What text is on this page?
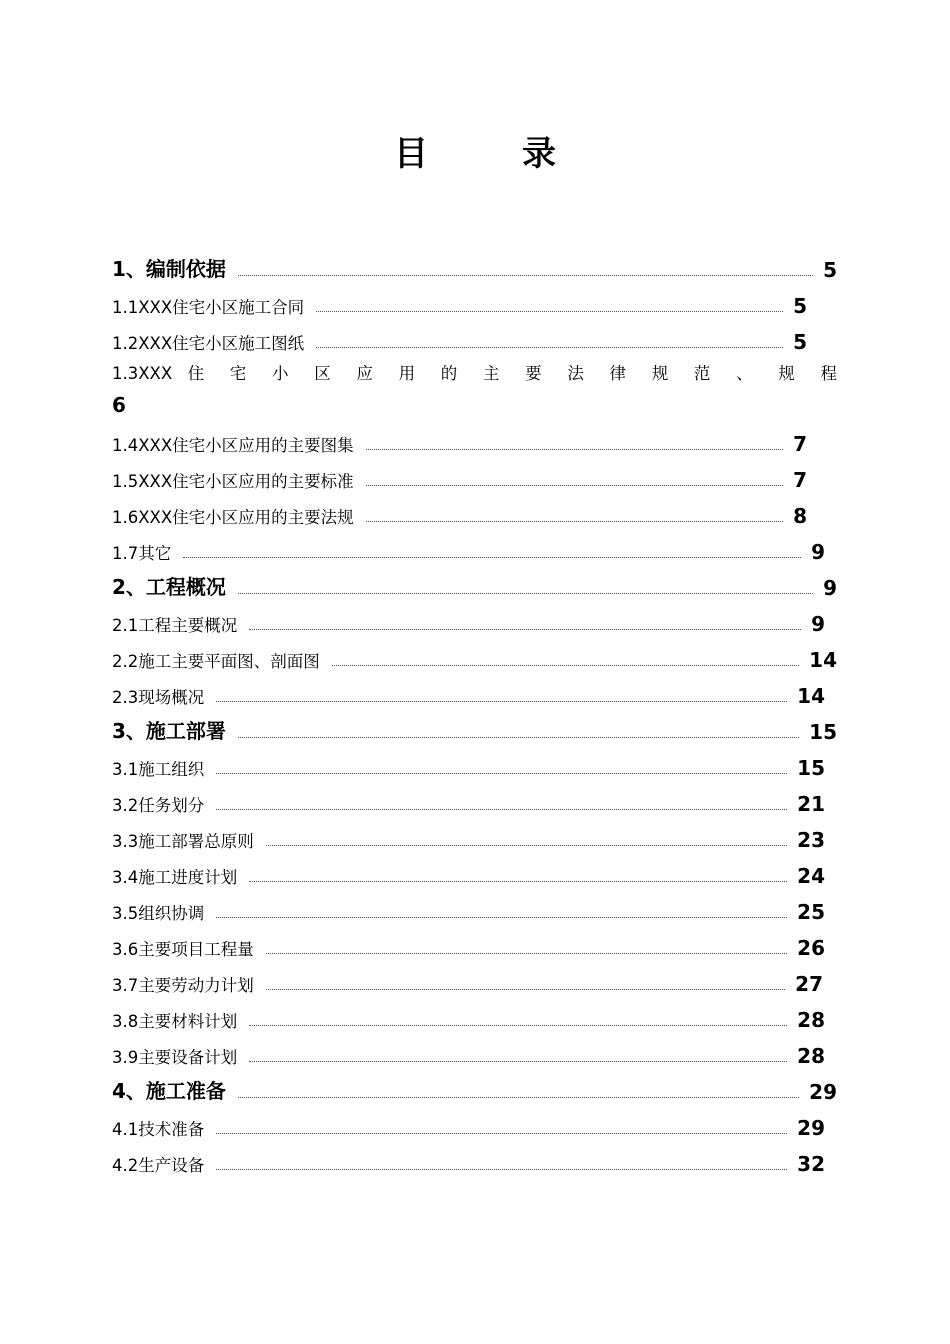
目　录
1、编制依据	5
1.1XXX住宅小区施工合同	5
1.2XXX住宅小区施工图纸	5
1.3XXX 住 宅 小 区 应 用 的 主 要 法 律 规 范 、 规 程
6
1.4XXX住宅小区应用的主要图集	7
1.5XXX住宅小区应用的主要标准	7
1.6XXX住宅小区应用的主要法规	8
1.7其它	9
2、工程概况	9
2.1工程主要概况	9
2.2施工主要平面图、剖面图	14
2.3现场概况	14
3、施工部署	15
3.1施工组织	15
3.2任务划分	21
3.3施工部署总原则	23
3.4施工进度计划	24
3.5组织协调	25
3.6主要项目工程量	26
3.7主要劳动力计划	27
3.8主要材料计划	28
3.9主要设备计划	28
4、施工准备	29
4.1技术准备	29
4.2生产设备	32
